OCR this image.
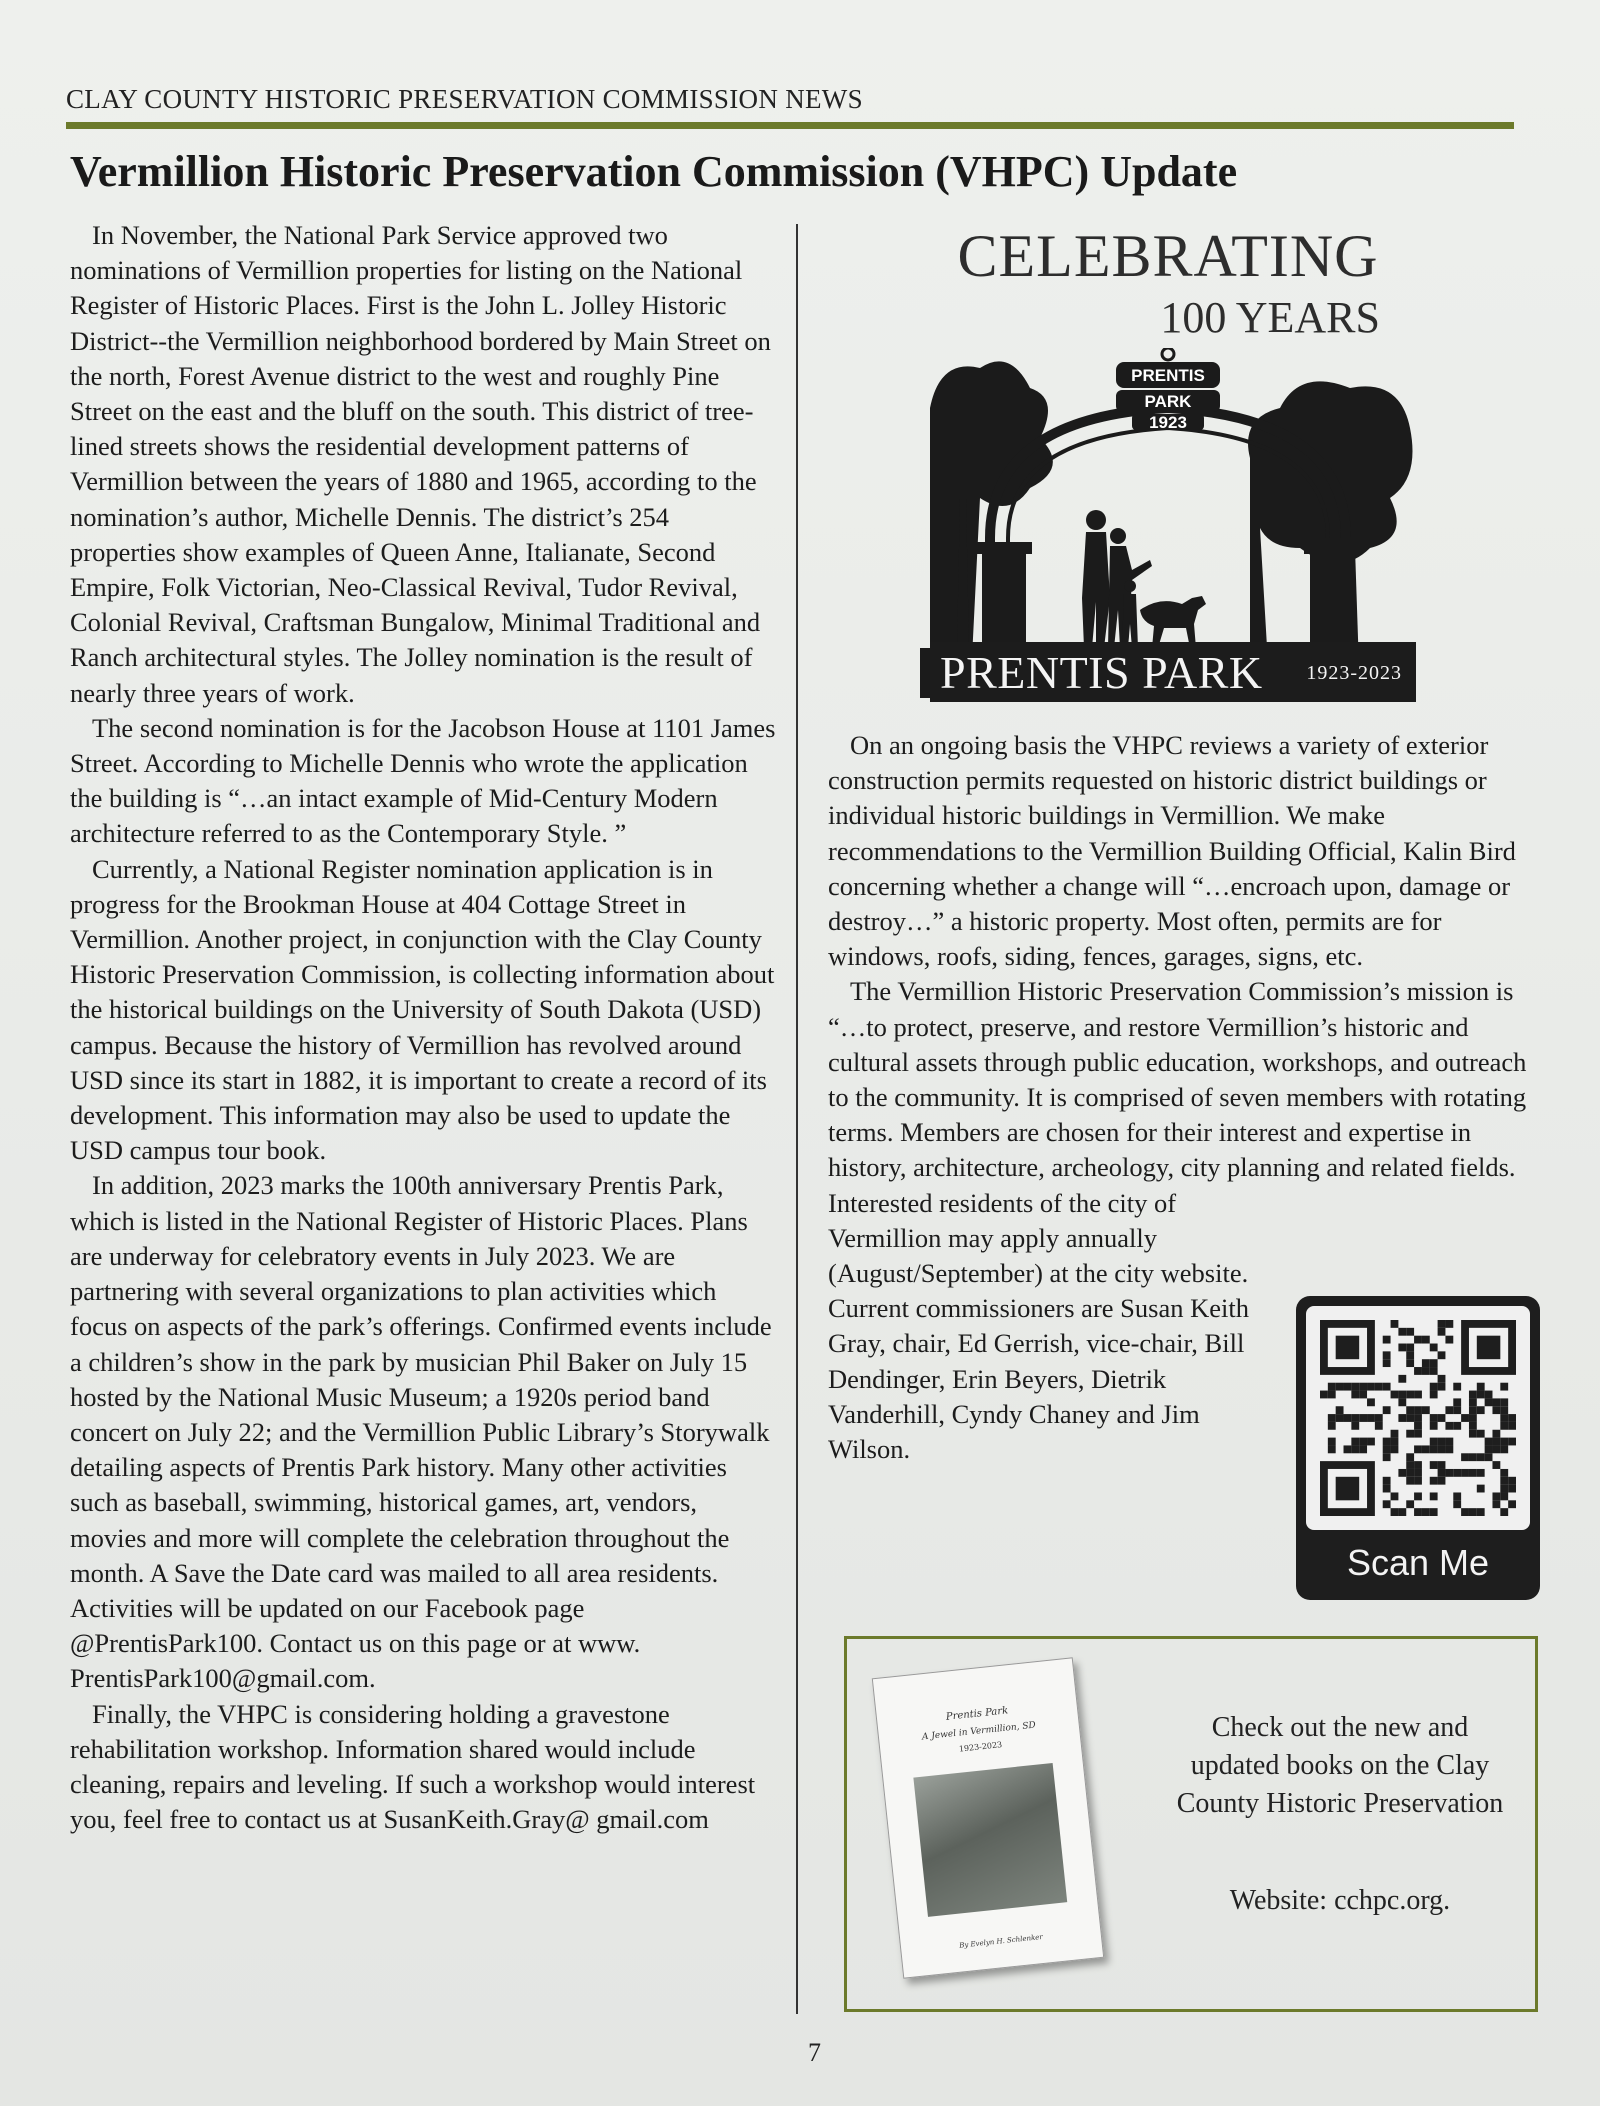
CLAY COUNTY HISTORIC PRESERVATION COMMISSION NEWS
Vermillion Historic Preservation Commission (VHPC) Update

In November, the National Park Service approved two nominations of Vermillion properties for listing on the National Register of Historic Places. First is the John L. Jolley Historic District--the Vermillion neighborhood bordered by Main Street on the north, Forest Avenue district to the west and roughly Pine Street on the east and the bluff on the south. This district of tree-lined streets shows the residential development patterns of Vermillion between the years of 1880 and 1965, according to the nomination’s author, Michelle Dennis. The district’s 254 properties show examples of Queen Anne, Italianate, Second Empire, Folk Victorian, Neo-Classical Revival, Tudor Revival, Colonial Revival, Craftsman Bungalow, Minimal Traditional and Ranch architectural styles. The Jolley nomination is the result of nearly three years of work.

The second nomination is for the Jacobson House at 1101 James Street. According to Michelle Dennis who wrote the application the building is “…an intact example of Mid-Century Modern architecture referred to as the Contemporary Style. ”

Currently, a National Register nomination application is in progress for the Brookman House at 404 Cottage Street in Vermillion. Another project, in conjunction with the Clay County Historic Preservation Commission, is collecting information about the historical buildings on the University of South Dakota (USD) campus. Because the history of Vermillion has revolved around USD since its start in 1882, it is important to create a record of its development. This information may also be used to update the USD campus tour book.

In addition, 2023 marks the 100th anniversary Prentis Park, which is listed in the National Register of Historic Places. Plans are underway for celebratory events in July 2023. We are partnering with several organizations to plan activities which focus on aspects of the park’s offerings. Confirmed events include a children’s show in the park by musician Phil Baker on July 15 hosted by the National Music Museum; a 1920s period band concert on July 22; and the Vermillion Public Library’s Storywalk detailing aspects of Prentis Park history. Many other activities such as baseball, swimming, historical games, art, vendors, movies and more will complete the celebration throughout the month. A Save the Date card was mailed to all area residents. Activities will be updated on our Facebook page @PrentisPark100. Contact us on this page or at www. PrentisPark100@gmail.com.

Finally, the VHPC is considering holding a gravestone rehabilitation workshop. Information shared would include cleaning, repairs and leveling. If such a workshop would interest you, feel free to contact us at SusanKeith.Gray@ gmail.com

CELEBRATING
100 YEARS
PRENTIS
PARK
1923
PRENTIS PARK 1923-2023

On an ongoing basis the VHPC reviews a variety of exterior construction permits requested on historic district buildings or individual historic buildings in Vermillion. We make recommendations to the Vermillion Building Official, Kalin Bird concerning whether a change will “…encroach upon, damage or destroy…” a historic property. Most often, permits are for windows, roofs, siding, fences, garages, signs, etc.

The Vermillion Historic Preservation Commission’s mission is “…to protect, preserve, and restore Vermillion’s historic and cultural assets through public education, workshops, and outreach to the community. It is comprised of seven members with rotating terms. Members are chosen for their interest and expertise in history, architecture, archeology, city planning and related fields.

Interested residents of the city of Vermillion may apply annually (August/September) at the city website. Current commissioners are Susan Keith Gray, chair, Ed Gerrish, vice-chair, Bill Dendinger, Erin Beyers, Dietrik Vanderhill, Cyndy Chaney and Jim Wilson.

Scan Me
Prentis Park
A Jewel in Vermillion, SD
1923-2023
By Evelyn H. Schlenker
Check out the new and updated books on the Clay County Historic Preservation
Website: cchpc.org.
7
